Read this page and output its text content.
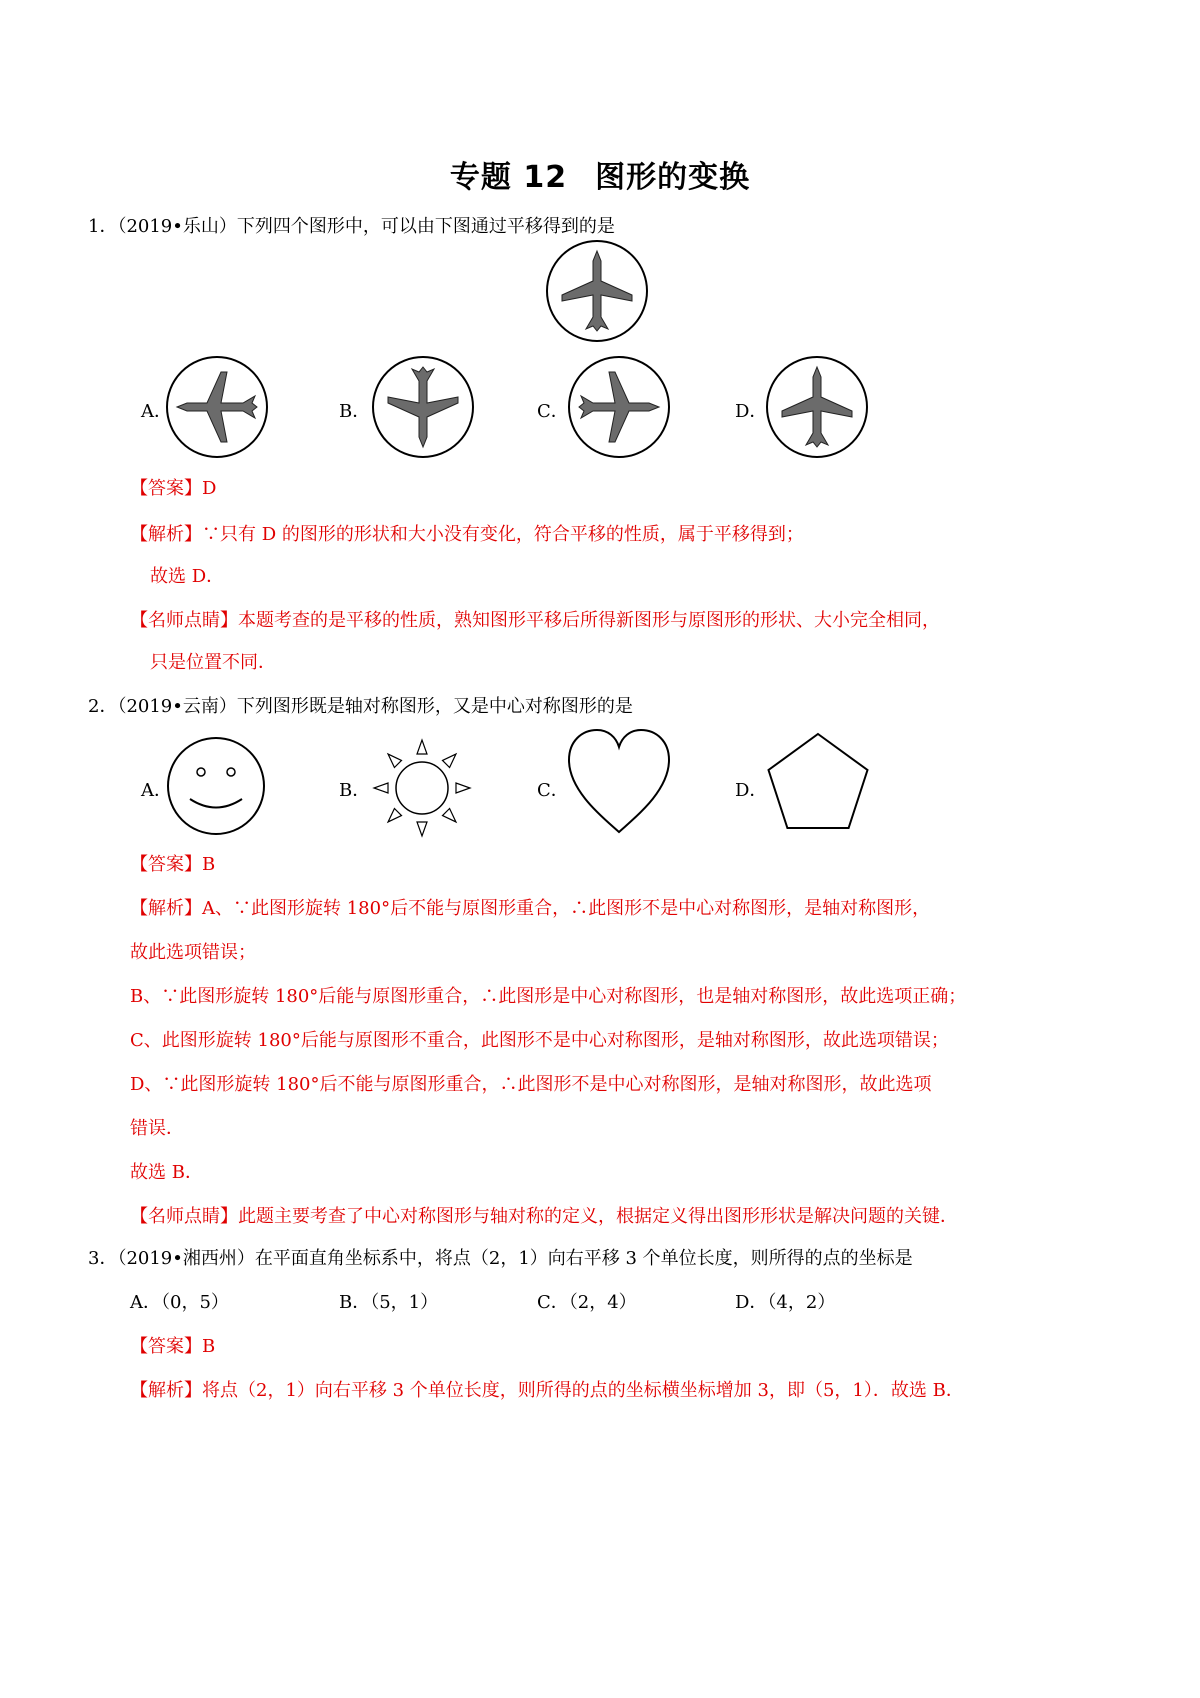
专题 12 图形的变换
1．（2019•乐山）下列四个图形中，可以由下图通过平移得到的是
A．	B．	C．	D．
【答案】D
【解析】∵只有 D 的图形的形状和大小没有变化，符合平移的性质，属于平移得到；
故选 D．
【名师点睛】本题考查的是平移的性质，熟知图形平移后所得新图形与原图形的形状、大小完全相同，
只是位置不同．
2．（2019•云南）下列图形既是轴对称图形，又是中心对称图形的是
A．	B．	C．	D．
【答案】B
【解析】A、∵此图形旋转 180°后不能与原图形重合，∴此图形不是中心对称图形，是轴对称图形，
故此选项错误；
B、∵此图形旋转 180°后能与原图形重合，∴此图形是中心对称图形，也是轴对称图形，故此选项正确；
C、此图形旋转 180°后能与原图形不重合，此图形不是中心对称图形，是轴对称图形，故此选项错误；
D、∵此图形旋转 180°后不能与原图形重合，∴此图形不是中心对称图形，是轴对称图形，故此选项
错误．
故选 B．
【名师点睛】此题主要考查了中心对称图形与轴对称的定义，根据定义得出图形形状是解决问题的关键．
3．（2019•湘西州）在平面直角坐标系中，将点（2，1）向右平移 3 个单位长度，则所得的点的坐标是
A．（0，5）	B．（5，1）	C．（2，4）	D．（4，2）
【答案】B
【解析】将点（2，1）向右平移 3 个单位长度，则所得的点的坐标横坐标增加 3，即（5，1）．故选 B．
